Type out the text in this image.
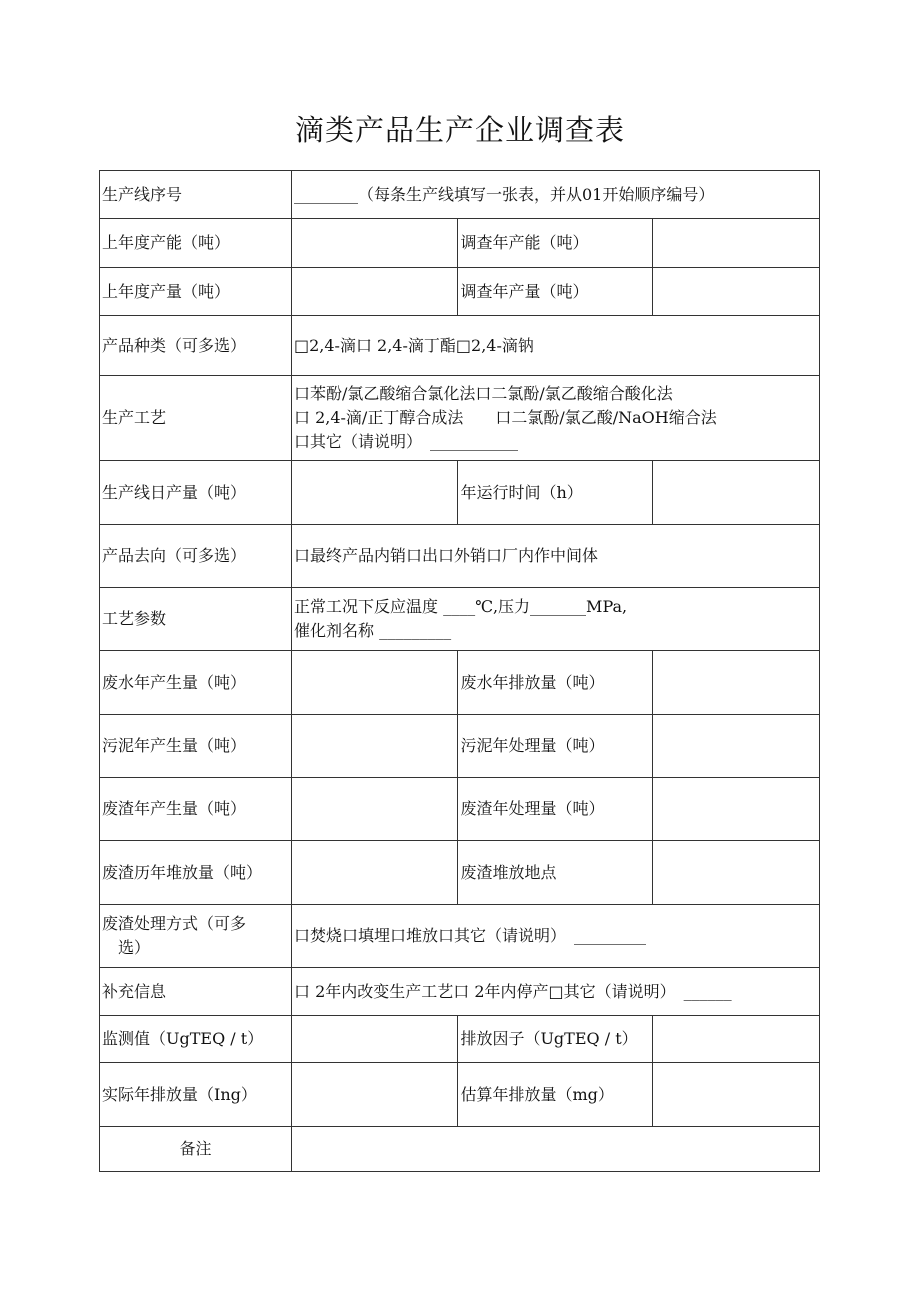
滴类产品生产企业调查表
生产线序号	________（每条生产线填写一张表，并从01开始顺序编号）		
上年度产能（吨）		调查年产能（吨）	
上年度产量（吨）		调查年产量（吨）	
产品种类（可多选）	□2,4-滴口 2,4-滴丁酯□2,4-滴钠		
生产工艺	口苯酚/氯乙酸缩合氯化法口二氯酚/氯乙酸缩合酸化法
口 2,4-滴/正丁醇合成法　　口二氯酚/氯乙酸/NaOH缩合法
口其它（请说明）　___________		

生产线日产量（吨）		年运行时间（h）	
产品去向（可多选）	口最终产品内销口出口外销口厂内作中间体		
工艺参数	正常工况下反应温度 ____℃,压力_______MPa,
催化剂名称 _________		

废水年产生量（吨）		废水年排放量（吨）	
污泥年产生量（吨）		污泥年处理量（吨）	
废渣年产生量（吨）		废渣年处理量（吨）	
废渣历年堆放量（吨）		废渣堆放地点	

废渣处理方式（可多
选）	口焚烧口填埋口堆放口其它（请说明）　_________		
补充信息	口 2年内改变生产工艺口 2年内停产□其它（请说明）　______		
监测值（UgTEQ / t）		排放因子（UgTEQ / t）	
实际年排放量（Ing）		估算年排放量（mg）	
备注			
